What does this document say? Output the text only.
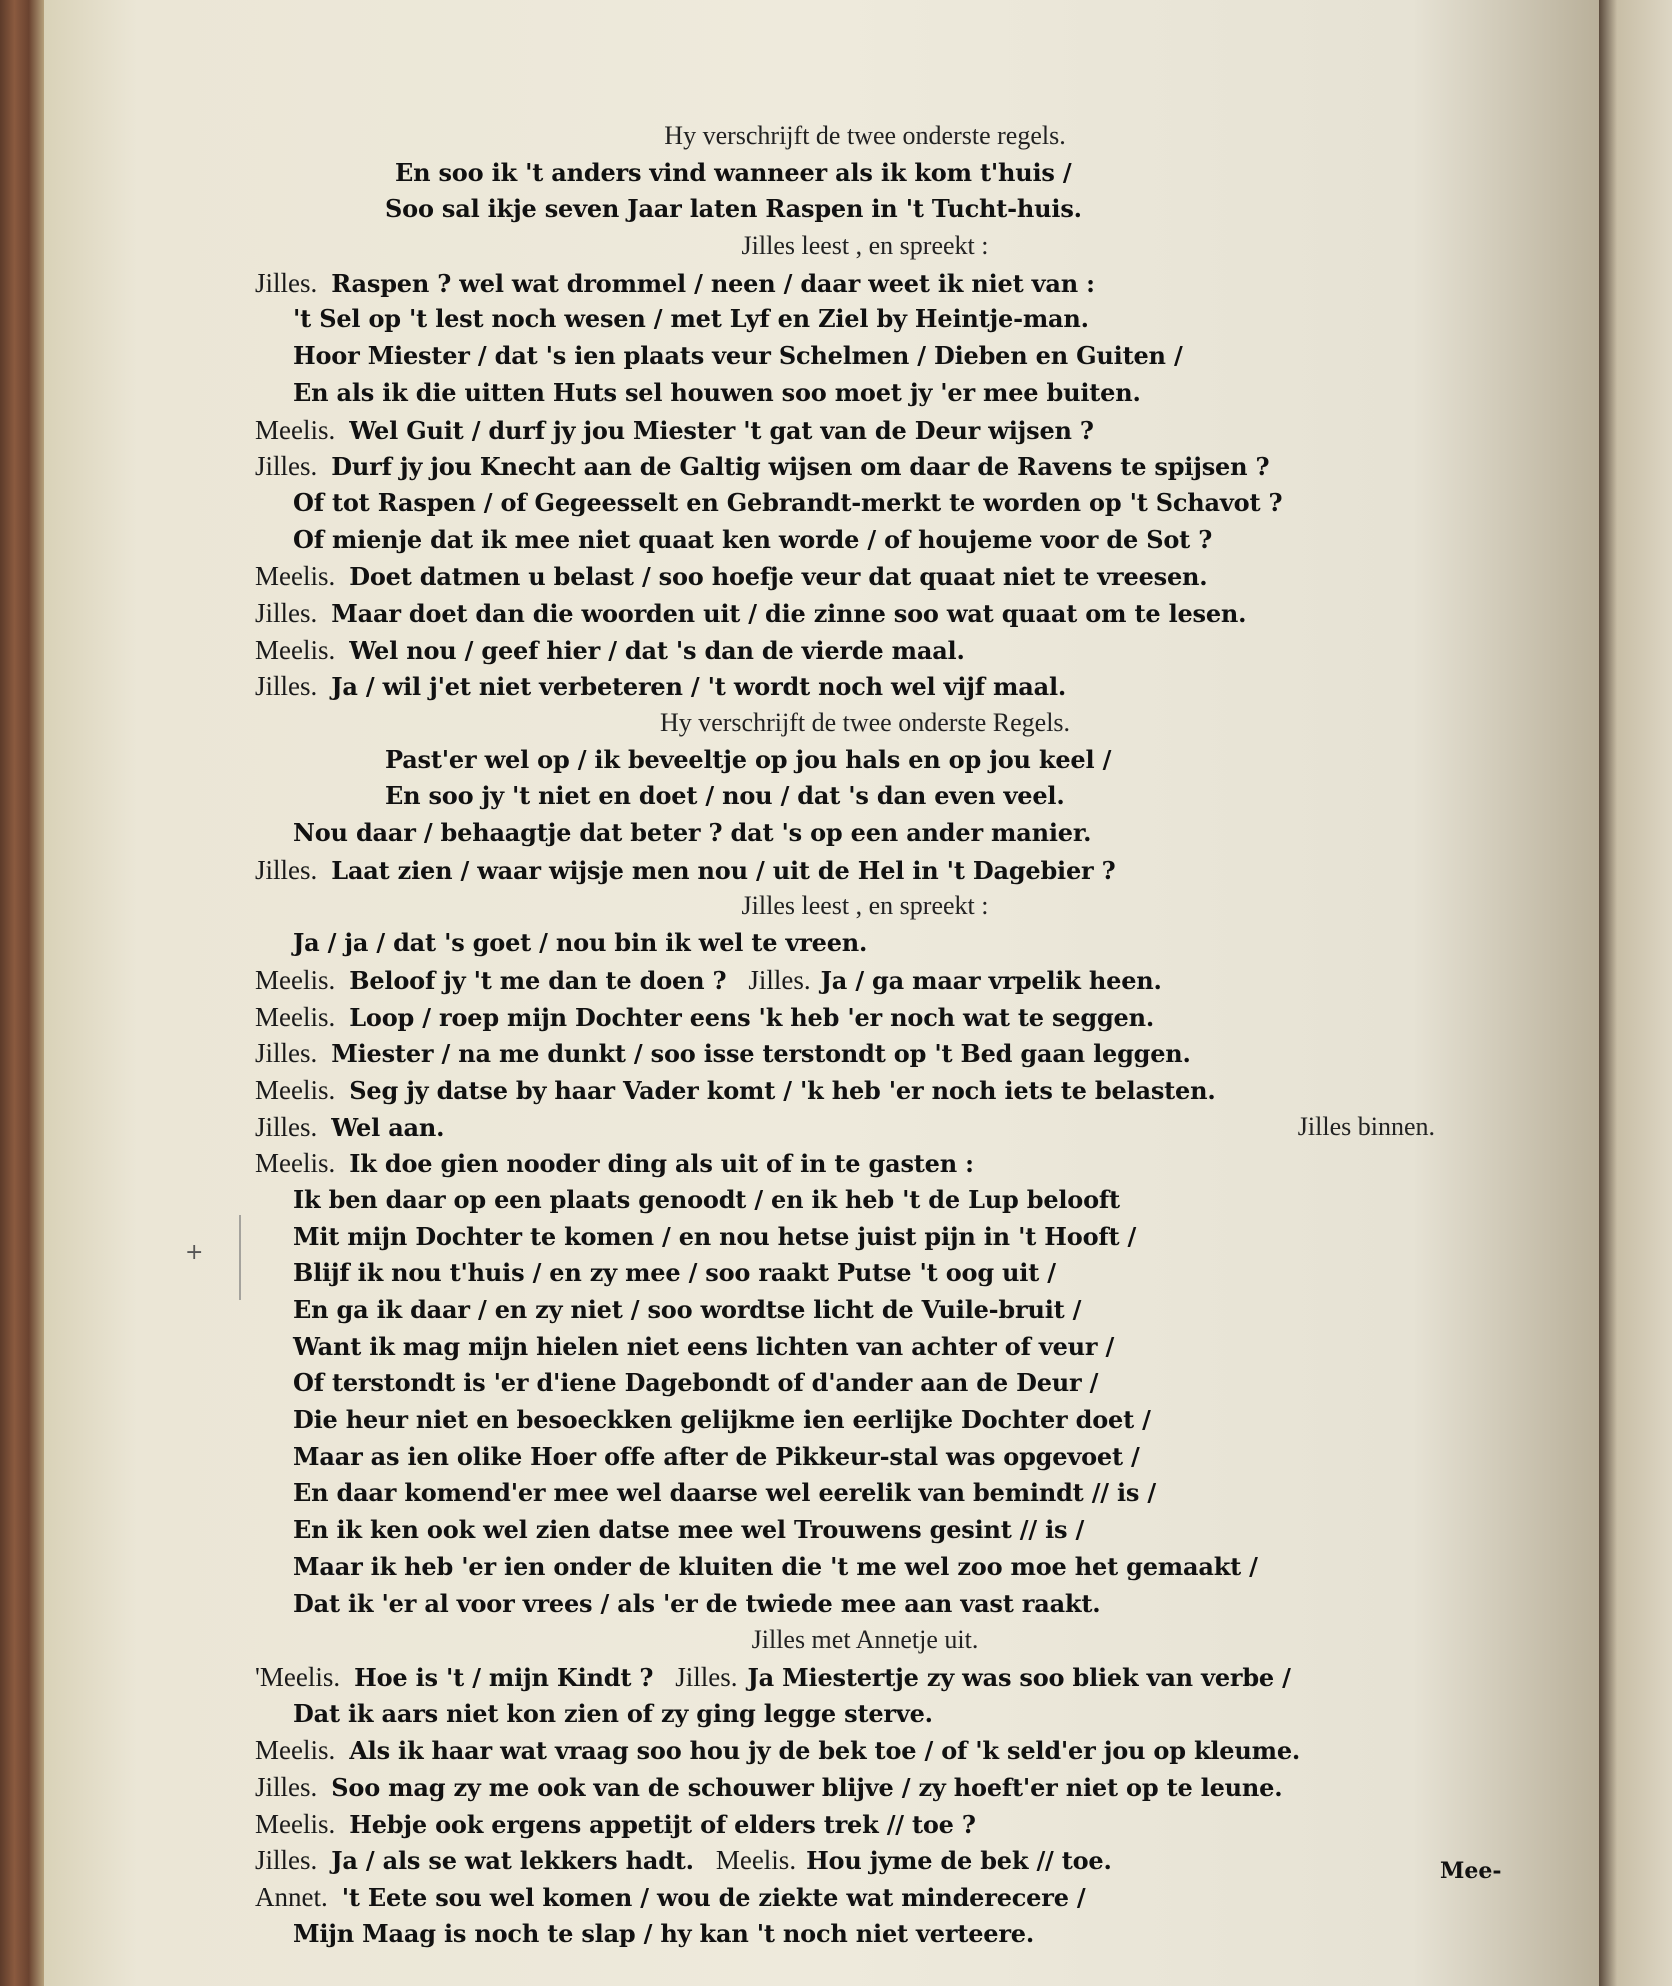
+
Hy verschrijft de twee onderste regels.
En soo ik 't anders vind wanneer als ik kom t'huis /
Soo sal ikje seven Jaar laten Raspen in 't Tucht-huis.
Jilles leest , en spreekt :
Jilles. Raspen ? wel wat drommel / neen / daar weet ik niet van :
't Sel op 't lest noch wesen / met Lyf en Ziel by Heintje-man.
Hoor Miester / dat 's ien plaats veur Schelmen / Dieben en Guiten /
En als ik die uitten Huts sel houwen soo moet jy 'er mee buiten.
Meelis. Wel Guit / durf jy jou Miester 't gat van de Deur wijsen ?
Jilles. Durf jy jou Knecht aan de Galtig wijsen om daar de Ravens te spijsen ?
Of tot Raspen / of Gegeesselt en Gebrandt-merkt te worden op 't Schavot ?
Of mienje dat ik mee niet quaat ken worde / of houjeme voor de Sot ?
Meelis. Doet datmen u belast / soo hoefje veur dat quaat niet te vreesen.
Jilles. Maar doet dan die woorden uit / die zinne soo wat quaat om te lesen.
Meelis. Wel nou / geef hier / dat 's dan de vierde maal.
Jilles. Ja / wil j'et niet verbeteren / 't wordt noch wel vijf maal.
Hy verschrijft de twee onderste Regels.
Past'er wel op / ik beveeltje op jou hals en op jou keel /
En soo jy 't niet en doet / nou / dat 's dan even veel.
Nou daar / behaagtje dat beter ? dat 's op een ander manier.
Jilles. Laat zien / waar wijsje men nou / uit de Hel in 't Dagebier ?
Jilles leest , en spreekt :
Ja / ja / dat 's goet / nou bin ik wel te vreen.
Meelis. Beloof jy 't me dan te doen ? Jilles. Ja / ga maar vrpelik heen.
Meelis. Loop / roep mijn Dochter eens 'k heb 'er noch wat te seggen.
Jilles. Miester / na me dunkt / soo isse terstondt op 't Bed gaan leggen.
Meelis. Seg jy datse by haar Vader komt / 'k heb 'er noch iets te belasten.
Jilles. Wel aan.	Jilles binnen.
Meelis. Ik doe gien nooder ding als uit of in te gasten :
Ik ben daar op een plaats genoodt / en ik heb 't de Lup belooft
Mit mijn Dochter te komen / en nou hetse juist pijn in 't Hooft /
Blijf ik nou t'huis / en zy mee / soo raakt Putse 't oog uit /
En ga ik daar / en zy niet / soo wordtse licht de Vuile-bruit /
Want ik mag mijn hielen niet eens lichten van achter of veur /
Of terstondt is 'er d'iene Dagebondt of d'ander aan de Deur /
Die heur niet en besoeckken gelijkme ien eerlijke Dochter doet /
Maar as ien olike Hoer offe after de Pikkeur-stal was opgevoet /
En daar komend'er mee wel daarse wel eerelik van bemindt // is /
En ik ken ook wel zien datse mee wel Trouwens gesint // is /
Maar ik heb 'er ien onder de kluiten die 't me wel zoo moe het gemaakt /
Dat ik 'er al voor vrees / als 'er de twiede mee aan vast raakt.
Jilles met Annetje uit.
'Meelis. Hoe is 't / mijn Kindt ? Jilles. Ja Miestertje zy was soo bliek van verbe /
Dat ik aars niet kon zien of zy ging legge sterve.
Meelis. Als ik haar wat vraag soo hou jy de bek toe / of 'k seld'er jou op kleume.
Jilles. Soo mag zy me ook van de schouwer blijve / zy hoeft'er niet op te leune.
Meelis. Hebje ook ergens appetijt of elders trek // toe ?
Jilles. Ja / als se wat lekkers hadt. Meelis. Hou jyme de bek // toe.
Annet. 't Eete sou wel komen / wou de ziekte wat minderecere /
Mijn Maag is noch te slap / hy kan 't noch niet verteere.
Mee-
